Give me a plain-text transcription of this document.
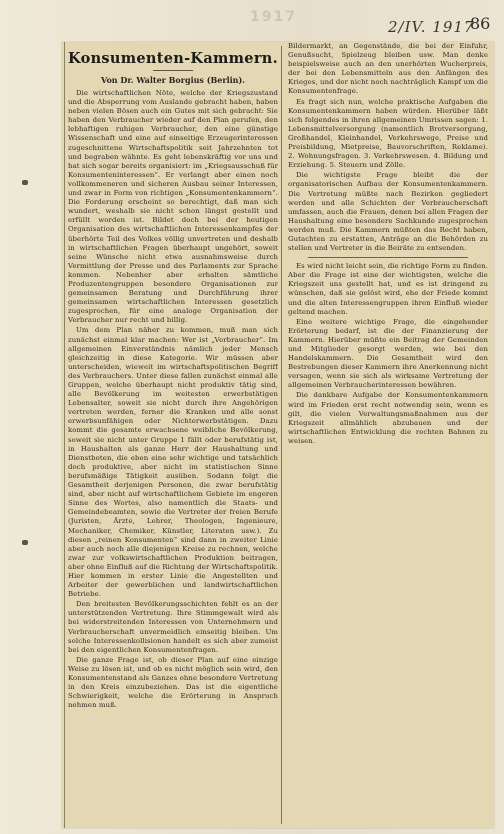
1917
2/IV. 1917
86
Konsumenten-Kammern.
Von Dr. Walter Borgius (Berlin).

Die wirtschaftlichen Nöte, welche der Kriegszustand und die Absperrung vom Auslande gebracht haben, haben neben vielen Bösen auch ein Gutes mit sich gebracht: Sie haben den Verbraucher wieder auf den Plan gerufen, den lebhaftigen ruhigen Verbraucher, den eine günstige Wissenschaft und eine auf einseitige Erzeugerinteressen zugeschnittene Wirtschaftspolitik seit Jahrzehnten tot und begraben wähnte. Es geht lebenskräftig vor uns und hat sich sogar bereits organisiert: im „Kriegsausschuß für Konsumenteninteressen“. Er verlangt aber einen noch vollkommeneren und sicheren Ausbau seiner Interessen, und zwar in Form von richtigen „Konsumentenkammern“. Die Forderung erscheint so berechtigt, daß man sich wundert, weshalb sie nicht schon längst gestellt und erfüllt worden ist. Bildet doch bei der heutigen Organisation des wirtschaftlichen Interessenkampfes der überhörte Teil des Volkes völlig unvertreten und deshalb in wirtschaftlichen Fragen überhaupt ungehört, soweit seine Wünsche nicht etwa ausnahmsweise durch Vermittlung der Presse und des Parlaments zur Sprache kommen. Nebenher aber erhalten sämtliche Produzentengruppen besondere Organisationen zur gemeinsamen Beratung und Durchführung ihrer gemeinsamen wirtschaftlichen Interessen gesetzlich zugesprochen, für eine analoge Organisation der Verbraucher nur recht und billig.

Um dem Plan näher zu kommen, muß man sich zunächst einmal klar machen: Wer ist „Verbraucher“. Im allgemeinen Einverständnis nämlich jeder Mensch gleichzeitig in diese Kategorie. Wir müssen aber unterscheiden, wieweit im wirtschaftspolitischen Begriff des Verbrauchers. Unter diese fallen zunächst einmal alle Gruppen, welche überhaupt nicht produktiv tätig sind, alle Bevölkerung im weitesten erwerbstätigen Lebensalter, soweit sie nicht durch ihre Angehörigen vertreten werden, ferner die Kranken und alle sonst erwerbsunfähigen oder Nichterwerbstätigen. Dazu kommt die gesamte erwachsene weibliche Bevölkerung, soweit sie nicht unter Gruppe 1 fällt oder berufstätig ist, in Haushalten als ganze Herr der Haushaltung und Dienstboten, die eben eine sehr wichtige und tatsächlich doch produktive, aber nicht im statistischen Sinne berufsmäßige Tätigkeit ausüben. Sodann folgt die Gesamtheit derjenigen Personen, die zwar berufstätig sind, aber nicht auf wirtschaftlichem Gebiete im engeren Sinne des Wortes, also namentlich die Staats- und Gemeindebeamten, sowie die Vertreter der freien Berufe (Juristen, Ärzte, Lehrer, Theologen, Ingenieure, Mechaniker, Chemiker, Künstler, Literaten usw.). Zu diesen „reinen Konsumenten“ sind dann in zweiter Linie aber auch noch alle diejenigen Kreise zu rechnen, welche zwar zur volkswirtschaftlichen Produktion beitragen, aber ohne Einfluß auf die Richtung der Wirtschaftspolitik. Hier kommen in erster Linie die Angestellten und Arbeiter der gewerblichen und landwirtschaftlichen Betriebe.

Den breitesten Bevölkerungsschichten fehlt es an der unterstützenden Vertretung. Ihre Stimmgewalt wird als bei widerstreitenden Interessen von Unternehmern und Verbraucherschaft unvermeidlich einseitig bleiben. Um solche Interessenkollisionen handelt es sich aber zumeist bei den eigentlichen Konsumentenfragen.

Die ganze Frage ist, ob dieser Plan auf eine einzige Weise zu lösen ist, und ob es nicht möglich sein wird, den Konsumentenstand als Ganzes ohne besondere Vertretung in den Kreis einzubeziehen. Das ist die eigentliche Schwierigkeit, welche die Erörterung in Anspruch nehmen muß.

Bildermarkt, an Gegenstände, die bei der Einfuhr, Genußsucht, Spielzeug bleiben usw. Man denke beispielsweise auch an den unerhörten Wucherpreis, der bei den Lebensmitteln aus den Anfängen des Krieges, und der nicht noch nachträglich Kampf um die Konsumentenfrage.

Es fragt sich nun, welche praktische Aufgaben die Konsumentenkammern haben würden. Hierüber läßt sich folgendes in ihren allgemeinen Umrissen sagen: 1. Lebensmittelversorgung (namentlich Brotversorgung, Großhandel, Kleinhandel, Verkehrswege, Preise und Preisbildung, Mietpreise, Bauvorschriften, Reklame). 2. Wohnungsfragen. 3. Verkehrswesen. 4. Bildung und Erziehung. 5. Steuern und Zölle.

Die wichtigste Frage bleibt die der organisatorischen Aufbau der Konsumentenkammern. Die Vertretung müßte nach Bezirken gegliedert werden und alle Schichten der Verbraucherschaft umfassen, auch die Frauen, denen bei allen Fragen der Haushaltung eine besondere Sachkunde zugesprochen werden muß. Die Kammern müßten das Recht haben, Gutachten zu erstatten, Anträge an die Behörden zu stellen und Vertreter in die Beiräte zu entsenden.

Es wird nicht leicht sein, die richtige Form zu finden. Aber die Frage ist eine der wichtigsten, welche die Kriegszeit uns gestellt hat, und es ist dringend zu wünschen, daß sie gelöst wird, ehe der Friede kommt und die alten Interessengruppen ihren Einfluß wieder geltend machen.

Eine weitere wichtige Frage, die eingehender Erörterung bedarf, ist die der Finanzierung der Kammern. Hierüber müßte ein Beitrag der Gemeinden und Mitglieder gesorgt werden, wie bei den Handelskammern. Die Gesamtheit wird den Bestrebungen dieser Kammern ihre Anerkennung nicht versagen, wenn sie sich als wirksame Vertretung der allgemeinen Verbraucherinteressen bewähren.

Die dankbare Aufgabe der Konsumentenkammern wird im Frieden erst recht notwendig sein, wenn es gilt, die vielen Verwaltungsmaßnahmen aus der Kriegszeit allmählich abzubauen und der wirtschaftlichen Entwicklung die rechten Bahnen zu weisen.
